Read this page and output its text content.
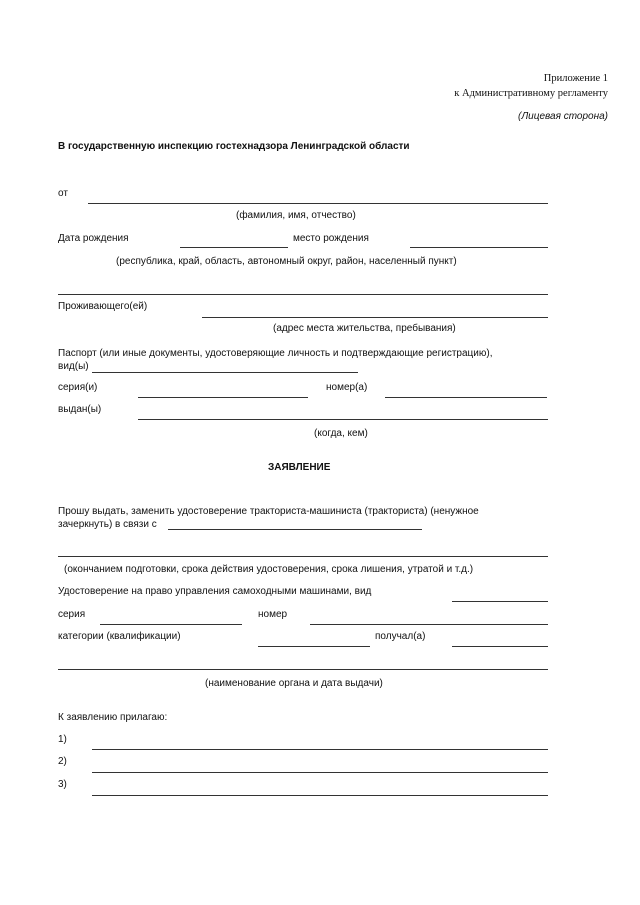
Приложение 1
к Административному регламенту
(Лицевая сторона)
В государственную инспекцию гостехнадзора Ленинградской области
от
(фамилия, имя, отчество)
Дата рождения	место рождения
(республика, край, область, автономный округ, район, населенный пункт)
Проживающего(ей)
(адрес места жительства, пребывания)
Паспорт (или иные документы, удостоверяющие личность и подтверждающие регистрацию),
вид(ы)
серия(и)	номер(а)
выдан(ы)
(когда, кем)
ЗАЯВЛЕНИЕ
Прошу выдать, заменить удостоверение тракториста-машиниста (тракториста) (ненужное
зачеркнуть) в связи с
(окончанием подготовки, срока действия удостоверения, срока лишения, утратой и т.д.)
Удостоверение на право управления самоходными машинами, вид
серия	номер
категории (квалификации)	получал(а)
(наименование органа и дата выдачи)
К заявлению прилагаю:
1)
2)
3)
